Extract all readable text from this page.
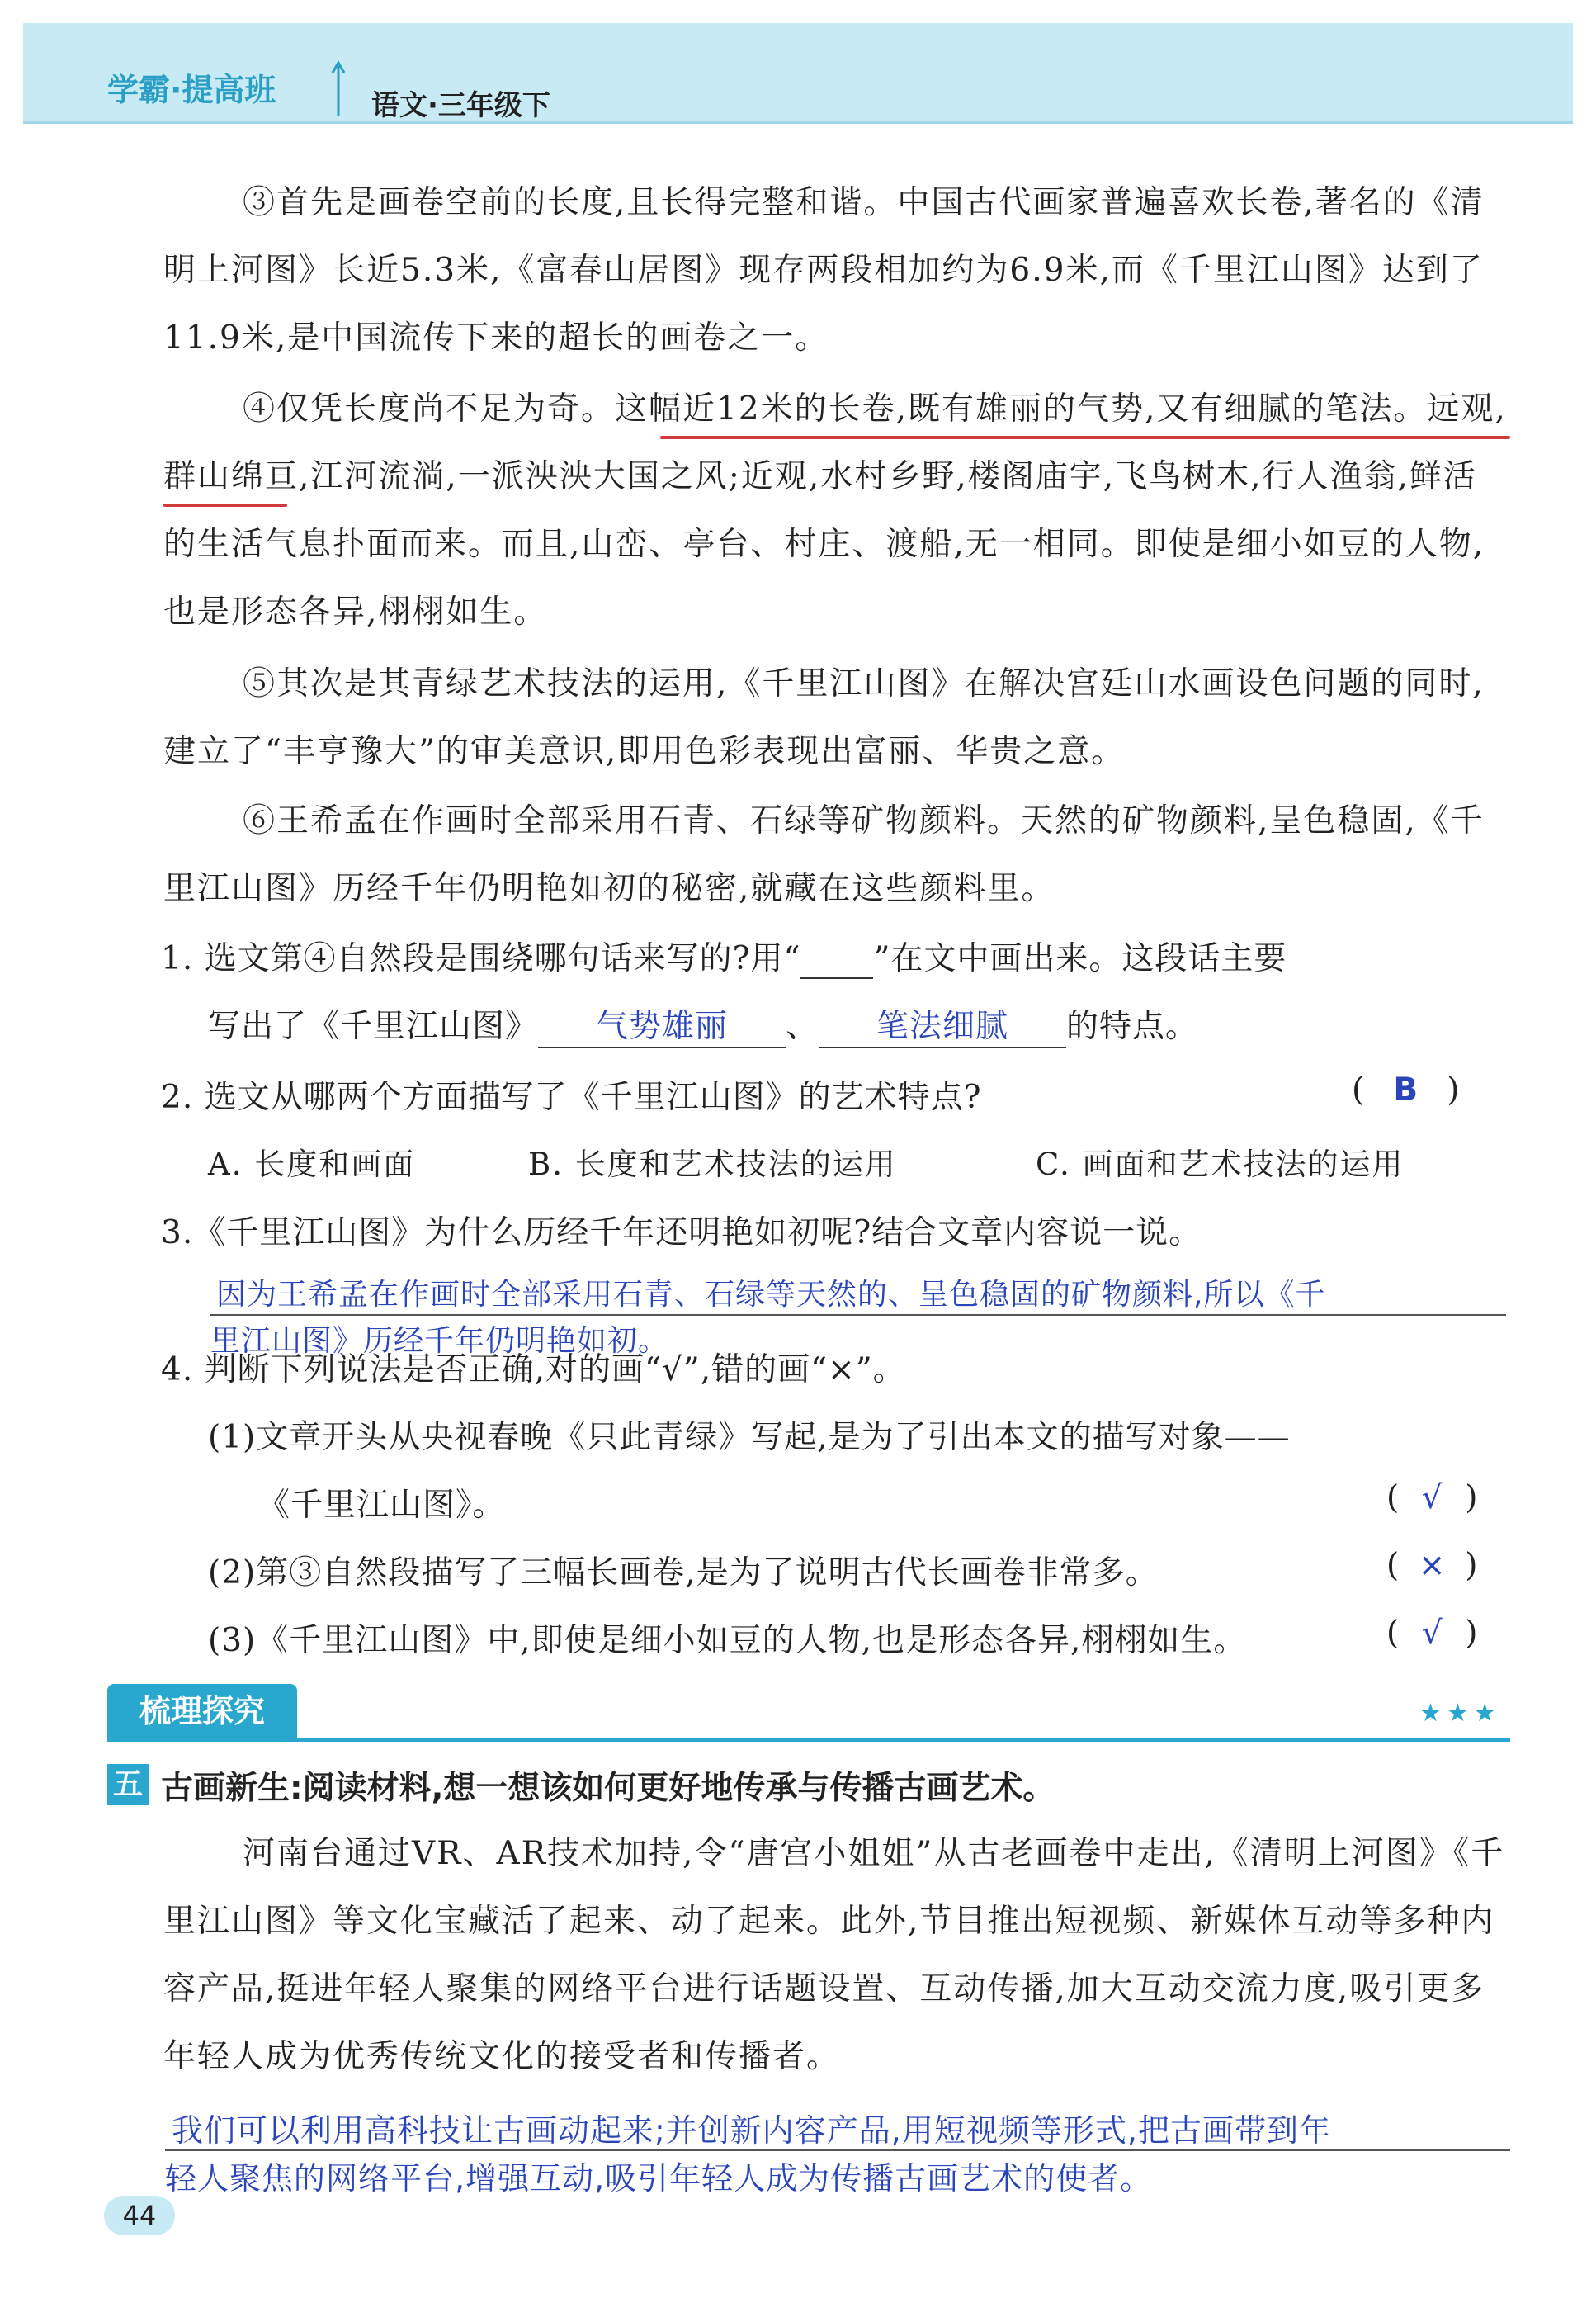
学霸·提高班	语文·三年级下

③首先是画卷空前的长度,且长得完整和谐。中国古代画家普遍喜欢长卷,著名的《清明上河图》长近5.3米,《富春山居图》现存两段相加约为6.9米,而《千里江山图》达到了11.9米,是中国流传下来的超长的画卷之一。

④仅凭长度尚不足为奇。这幅近12米的长卷,既有雄丽的气势,又有细腻的笔法。远观,群山绵亘,江河流淌,一派泱泱大国之风;近观,水村乡野,楼阁庙宇,飞鸟树木,行人渔翁,鲜活的生活气息扑面而来。而且,山峦、亭台、村庄、渡船,无一相同。即使是细小如豆的人物,也是形态各异,栩栩如生。

⑤其次是其青绿艺术技法的运用,《千里江山图》在解决宫廷山水画设色问题的同时,建立了“丰亨豫大”的审美意识,即用色彩表现出富丽、华贵之意。

⑥王希孟在作画时全部采用石青、石绿等矿物颜料。天然的矿物颜料,呈色稳固,《千里江山图》历经千年仍明艳如初的秘密,就藏在这些颜料里。

1. 选文第④自然段是围绕哪句话来写的?用“ ”在文中画出来。这段话主要
写出了《千里江山图》 气势雄丽 、 笔法细腻 的特点。
2. 选文从哪两个方面描写了《千里江山图》的艺术特点?	( B )
A. 长度和画面	B. 长度和艺术技法的运用	C. 画面和艺术技法的运用
3.《千里江山图》为什么历经千年还明艳如初呢?结合文章内容说一说。
因为王希孟在作画时全部采用石青、石绿等天然的、呈色稳固的矿物颜料,所以《千
里江山图》历经千年仍明艳如初。
4. 判断下列说法是否正确,对的画“√”,错的画“×”。
(1)文章开头从央视春晚《只此青绿》写起,是为了引出本文的描写对象——
《千里江山图》。	( √ )
(2)第③自然段描写了三幅长画卷,是为了说明古代长画卷非常多。	( × )
(3)《千里江山图》中,即使是细小如豆的人物,也是形态各异,栩栩如生。	( √ )
梳理探究	★★★
五 古画新生:阅读材料,想一想该如何更好地传承与传播古画艺术。

河南台通过VR、AR技术加持,令“唐宫小姐姐”从古老画卷中走出,《清明上河图》《千里江山图》等文化宝藏活了起来、动了起来。此外,节目推出短视频、新媒体互动等多种内容产品,挺进年轻人聚集的网络平台进行话题设置、互动传播,加大互动交流力度,吸引更多年轻人成为优秀传统文化的接受者和传播者。

我们可以利用高科技让古画动起来;并创新内容产品,用短视频等形式,把古画带到年
轻人聚焦的网络平台,增强互动,吸引年轻人成为传播古画艺术的使者。
44
